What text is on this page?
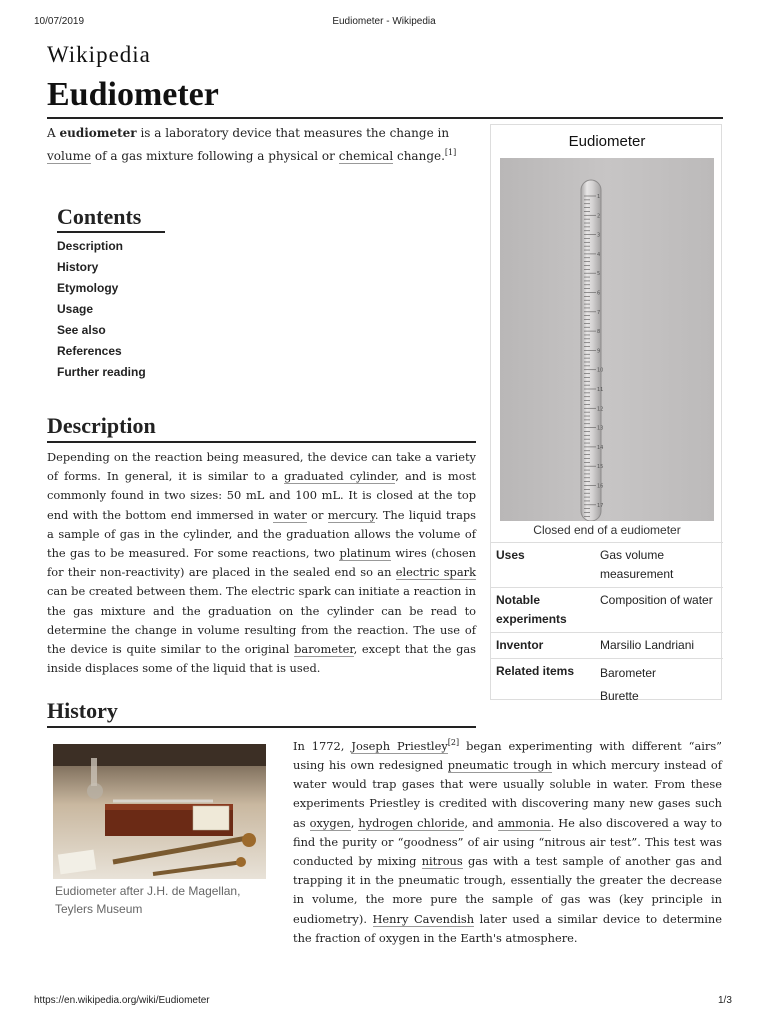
10/07/2019	Eudiometer - Wikipedia
Wikipedia
Eudiometer
A eudiometer is a laboratory device that measures the change in volume of a gas mixture following a physical or chemical change.[1]
Contents
Description
History
Etymology
Usage
See also
References
Further reading
Description
Depending on the reaction being measured, the device can take a variety of forms. In general, it is similar to a graduated cylinder, and is most commonly found in two sizes: 50 mL and 100 mL. It is closed at the top end with the bottom end immersed in water or mercury. The liquid traps a sample of gas in the cylinder, and the graduation allows the volume of the gas to be measured. For some reactions, two platinum wires (chosen for their non-reactivity) are placed in the sealed end so an electric spark can be created between them. The electric spark can initiate a reaction in the gas mixture and the graduation on the cylinder can be read to determine the change in volume resulting from the reaction. The use of the device is quite similar to the original barometer, except that the gas inside displaces some of the liquid that is used.
Eudiometer
1
2
3
4
5
6
7
8
9
10
11
12
13
14
15
16
17
Closed end of a eudiometer
Uses	Gas volume measurement
Notable experiments	Composition of water
Inventor	Marsilio Landriani
Related items	Barometer
Burette
History
Eudiometer after J.H. de Magellan, Teylers Museum
In 1772, Joseph Priestley[2] began experimenting with different “airs” using his own redesigned pneumatic trough in which mercury instead of water would trap gases that were usually soluble in water. From these experiments Priestley is credited with discovering many new gases such as oxygen, hydrogen chloride, and ammonia. He also discovered a way to find the purity or “goodness” of air using “nitrous air test”. This test was conducted by mixing nitrous gas with a test sample of another gas and trapping it in the pneumatic trough, essentially the greater the decrease in volume, the more pure the sample of gas was (key principle in eudiometry). Henry Cavendish later used a similar device to determine the fraction of oxygen in the Earth's atmosphere.
https://en.wikipedia.org/wiki/Eudiometer	1/3
